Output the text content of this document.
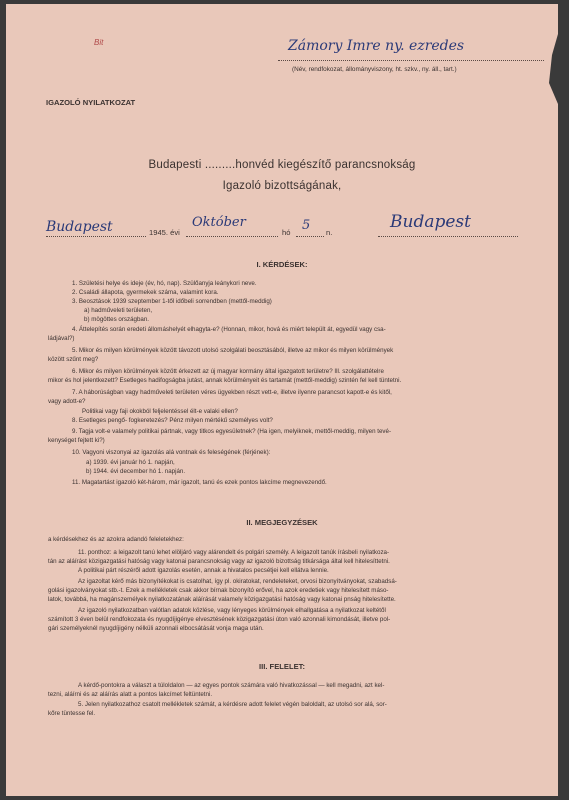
Bit	Zámory Imre ny. ezredes
(Név, rendfokozat, állományviszony, ht. szkv., ny. áll., tart.)
IGAZOLÓ NYILATKOZAT
Budapesti .........honvéd kiegészítő parancsnokság
Igazoló bizottságának,
Budapest	1945. évi
Október
hó 5 n.
Budapest
I. KÉRDÉSEK:
1. Születési helye és ideje (év, hó, nap). Szülőanyja leánykori neve.
2. Családi állapota, gyermekek száma, valamint kora.
3. Beosztások 1939 szeptember 1-től időbeli sorrendben (mettől-meddig)
a) hadműveleti területen,
b) mögöttes országban.
4. Áttelepítés során eredeti állomáshelyét elhagyta-e? (Honnan, mikor, hová és miért települt át, egyedül vagy csa-
ládjával?)
5. Mikor és milyen körülmények között távozott utolsó szolgálati beosztásából, illetve az mikor és milyen körülmények
között szűnt meg?
6. Mikor és milyen körülmények között érkezett az új magyar kormány által igazgatott területre? Ill. szolgálattételre
mikor és hol jelentkezett? Esetleges hadifogságba jutást, annak körülményeit és tartamát (mettől-meddig) szintén fel kell tüntetni.
7. A háborúságban vagy hadműveleti területen véres ügyekben részt vett-e, illetve ilyenre parancsot kapott-e és kitől,
vagy adott-e?
Politikai vagy faji okokból feljelentéssel élt-e valaki ellen?
8. Esetleges pengő- fogkeretezés? Pénz milyen mértékű személyes volt?
9. Tagja volt-e valamely politikai pártnak, vagy titkos egyesületnek? (Ha igen, melyiknek, mettől-meddig, milyen tevé-
kenységet fejtett ki?)
10. Vagyoni viszonyai az igazolás alá vontnak és feleségének (férjének):
a) 1939. évi január hó 1. napján,
b) 1944. évi december hó 1. napján.
11. Magatartást igazoló két-három, már igazolt, tanú és ezek pontos lakcíme megnevezendő.
II. MEGJEGYZÉSEK
a kérdésekhez és az azokra adandó feleletekhez:
11. ponthoz: a leigazolt tanú lehet elöljáró vagy alárendelt és polgári személy. A leigazolt tanúk írásbeli nyilatkoza-
tán az aláírást közigazgatási hatóság vagy katonai parancsnokság vagy az igazoló bizottság titkársága által kell hitelesíttetni.
A politikai párt részéről adott igazolás esetén, annak a hivatalos pecsétjei kell ellátva lennie.
Az igazoltat kérő más bizonyítékokat is csatolhat, így pl. okiratokat, rendeleteket, orvosi bizonyítványokat, szabadsá-
golási igazolványokat stb.-t. Ezek a mellékletek csak akkor bírnak bizonyító erővel, ha azok eredetiek vagy hitelesített máso-
latok, továbbá, ha magánszemélyek nyilatkozatának aláírását valamely közigazgatási hatóság vagy katonai pnság hitelesítette.
Az igazoló nyilatkozatban valótlan adatok közlése, vagy lényeges körülmények elhallgatása a nyilatkozat keltétől
számított 3 éven belül rendfokozata és nyugdíjigénye elvesztésének közigazgatási úton való azonnali kimondását, illetve pol-
gári személyeknél nyugdíjigény nélküli azonnali elbocsátását vonja maga után.
III. FELELET:
A kérdő-pontokra a választ a túloldalon — az egyes pontok számára való hivatkozással — kell megadni, azt kel-
tezni, aláírni és az aláírás alatt a pontos lakcímet feltüntetni.
5. Jelen nyilatkozathoz csatolt mellékletek számát, a kérdésre adott felelet végén baloldalt, az utolsó sor alá, sor-
kőre tüntesse fel.
